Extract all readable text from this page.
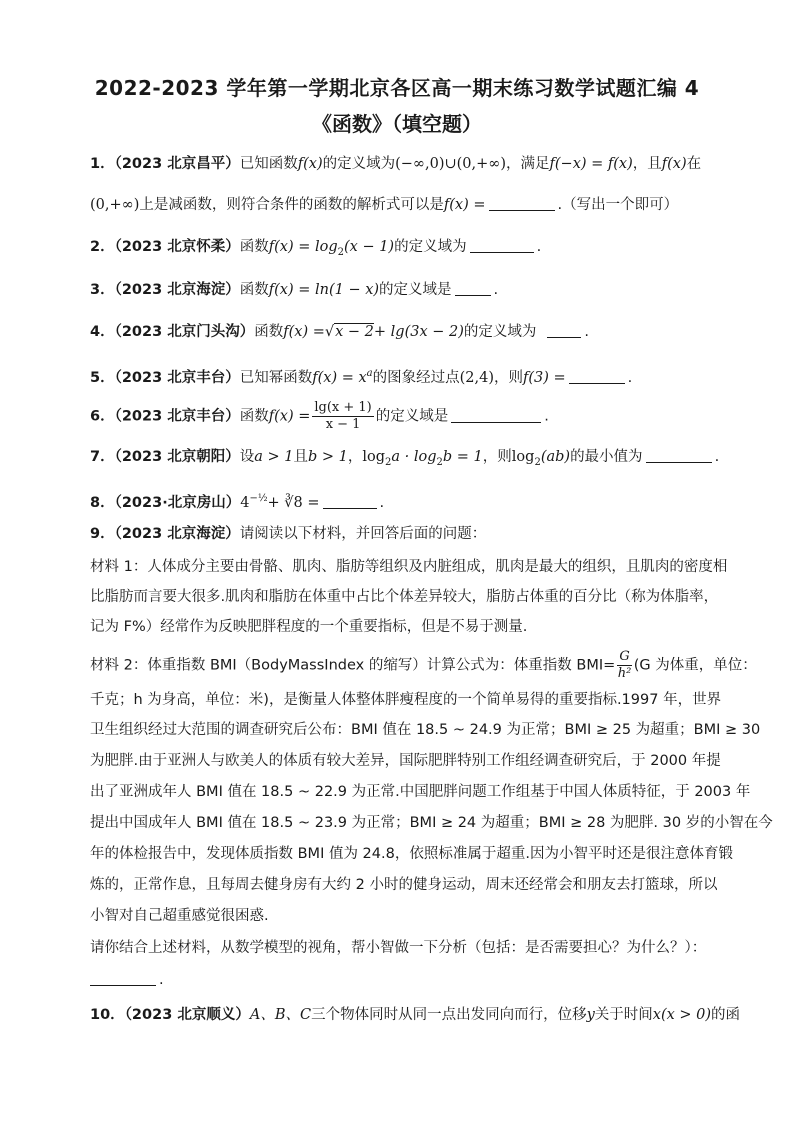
2022-2023 学年第一学期北京各区高一期末练习数学试题汇编 4
《函数》（填空题）
1．（2023 北京昌平）已知函数f(x)的定义域为(−∞,0)∪(0,+∞)，满足f(−x) = f(x)，且f(x)在
(0,+∞)上是减函数，则符合条件的函数的解析式可以是f(x) =	.（写出一个即可）
2．（2023 北京怀柔）函数$f(x) = \log_2(x - 1)$的定义域为	.
3．（2023 北京海淀）函数f(x) = ln(1 − x)的定义域是	.
4．（2023 北京门头沟）函数f(x) =√x − 2+ lg(3x − 2)的定义域为	.
5．（2023 北京丰台）已知幂函数$f(x) = x^a$的图象经过点(2,4)，则f(3) =	.
6．（2023 北京丰台）函数$f(x) = \frac{\lg(x + 1)}{x - 1}$ 的定义域是	.
7．（2023 北京朝阳）设a > 1且b > 1，$\log_2a \cdot \log_2b = 1$，则$\log_2(ab)$的最小值为	.
8．（2023·北京房山）$4^{-\frac{1}{2}}+$ ∛8 =	.
9．（2023 北京海淀）请阅读以下材料，并回答后面的问题：
材料 1：人体成分主要由骨骼、肌肉、脂肪等组织及内脏组成，肌肉是最大的组织，且肌肉的密度相
比脂肪而言要大很多.肌肉和脂肪在体重中占比个体差异较大，脂肪占体重的百分比（称为体脂率，
记为 F%）经常作为反映肥胖程度的一个重要指标，但是不易于测量.
材料 2：体重指数 BMI（BodyMassIndex 的缩写）计算公式为：体重指数 $BMI= \frac{G}{\text{h²}} (G$ 为体重，单位：
千克；h 为身高，单位：米)，是衡量人体整体胖瘦程度的一个简单易得的重要指标.1997 年，世界
卫生组织经过大范围的调查研究后公布：BMI 值在 18.5 ~ 24.9 为正常；BMI ≥ 25 为超重；BMI ≥ 30
为肥胖.由于亚洲人与欧美人的体质有较大差异，国际肥胖特别工作组经调查研究后，于 2000 年提
出了亚洲成年人 BMI 值在 18.5 ~ 22.9 为正常.中国肥胖问题工作组基于中国人体质特征，于 2003 年
提出中国成年人 BMI 值在 18.5 ~ 23.9 为正常；BMI ≥ 24 为超重；BMI ≥ 28 为肥胖. 30 岁的小智在今
年的体检报告中，发现体质指数 BMI 值为 24.8，依照标准属于超重.因为小智平时还是很注意体育锻
炼的，正常作息，且每周去健身房有大约 2 小时的健身运动，周末还经常会和朋友去打篮球，所以
小智对自己超重感觉很困惑.
请你结合上述材料，从数学模型的视角，帮小智做一下分析（包括：是否需要担心？为什么？）：
.
10．（2023 北京顺义）A、B、C三个物体同时从同一点出发同向而行，位移y关于时间x(x > 0)的函
